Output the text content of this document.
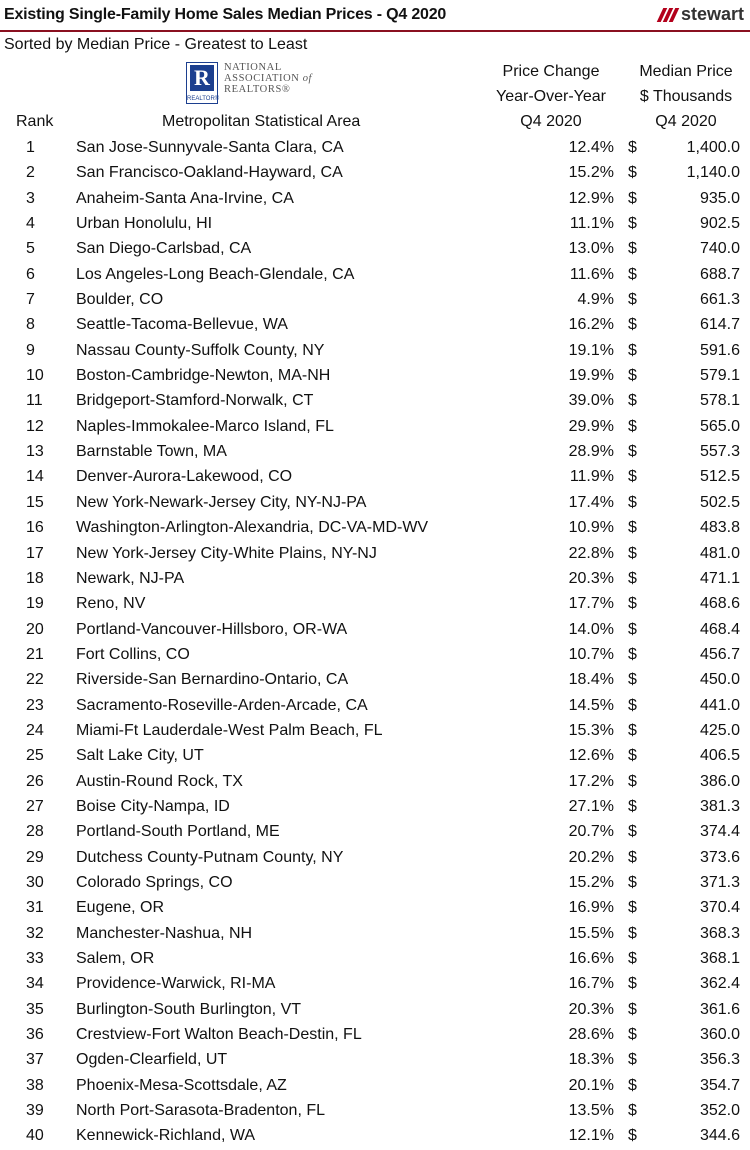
Existing Single-Family Home Sales Median Prices - Q4 2020	stewart
Sorted by Median Price - Greatest to Least
R
REALTOR®
NATIONAL
ASSOCIATION of
REALTORS®
Rank	Metropolitan Statistical Area
Price Change
Year-Over-Year
Q4 2020
Median Price
$ Thousands
Q4 2020
1	San Jose-Sunnyvale-Santa Clara, CA	12.4% $	1,400.0
2	San Francisco-Oakland-Hayward, CA	15.2% $	1,140.0
3	Anaheim-Santa Ana-Irvine, CA	12.9% $	935.0
4	Urban Honolulu, HI	11.1% $	902.5
5	San Diego-Carlsbad, CA	13.0% $	740.0
6	Los Angeles-Long Beach-Glendale, CA	11.6% $	688.7
7	Boulder, CO	4.9% $	661.3
8	Seattle-Tacoma-Bellevue, WA	16.2% $	614.7
9	Nassau County-Suffolk County, NY	19.1% $	591.6
10	Boston-Cambridge-Newton, MA-NH	19.9% $	579.1
11	Bridgeport-Stamford-Norwalk, CT	39.0% $	578.1
12	Naples-Immokalee-Marco Island, FL	29.9% $	565.0
13	Barnstable Town, MA	28.9% $	557.3
14	Denver-Aurora-Lakewood, CO	11.9% $	512.5
15	New York-Newark-Jersey City, NY-NJ-PA	17.4% $	502.5
16	Washington-Arlington-Alexandria, DC-VA-MD-WV	10.9% $	483.8
17	New York-Jersey City-White Plains, NY-NJ	22.8% $	481.0
18	Newark, NJ-PA	20.3% $	471.1
19	Reno, NV	17.7% $	468.6
20	Portland-Vancouver-Hillsboro, OR-WA	14.0% $	468.4
21	Fort Collins, CO	10.7% $	456.7
22	Riverside-San Bernardino-Ontario, CA	18.4% $	450.0
23	Sacramento-Roseville-Arden-Arcade, CA	14.5% $	441.0
24	Miami-Ft Lauderdale-West Palm Beach, FL	15.3% $	425.0
25	Salt Lake City, UT	12.6% $	406.5
26	Austin-Round Rock, TX	17.2% $	386.0
27	Boise City-Nampa, ID	27.1% $	381.3
28	Portland-South Portland, ME	20.7% $	374.4
29	Dutchess County-Putnam County, NY	20.2% $	373.6
30	Colorado Springs, CO	15.2% $	371.3
31	Eugene, OR	16.9% $	370.4
32	Manchester-Nashua, NH	15.5% $	368.3
33	Salem, OR	16.6% $	368.1
34	Providence-Warwick, RI-MA	16.7% $	362.4
35	Burlington-South Burlington, VT	20.3% $	361.6
36	Crestview-Fort Walton Beach-Destin, FL	28.6% $	360.0
37	Ogden-Clearfield, UT	18.3% $	356.3
38	Phoenix-Mesa-Scottsdale, AZ	20.1% $	354.7
39	North Port-Sarasota-Bradenton, FL	13.5% $	352.0
40	Kennewick-Richland, WA	12.1% $	344.6
